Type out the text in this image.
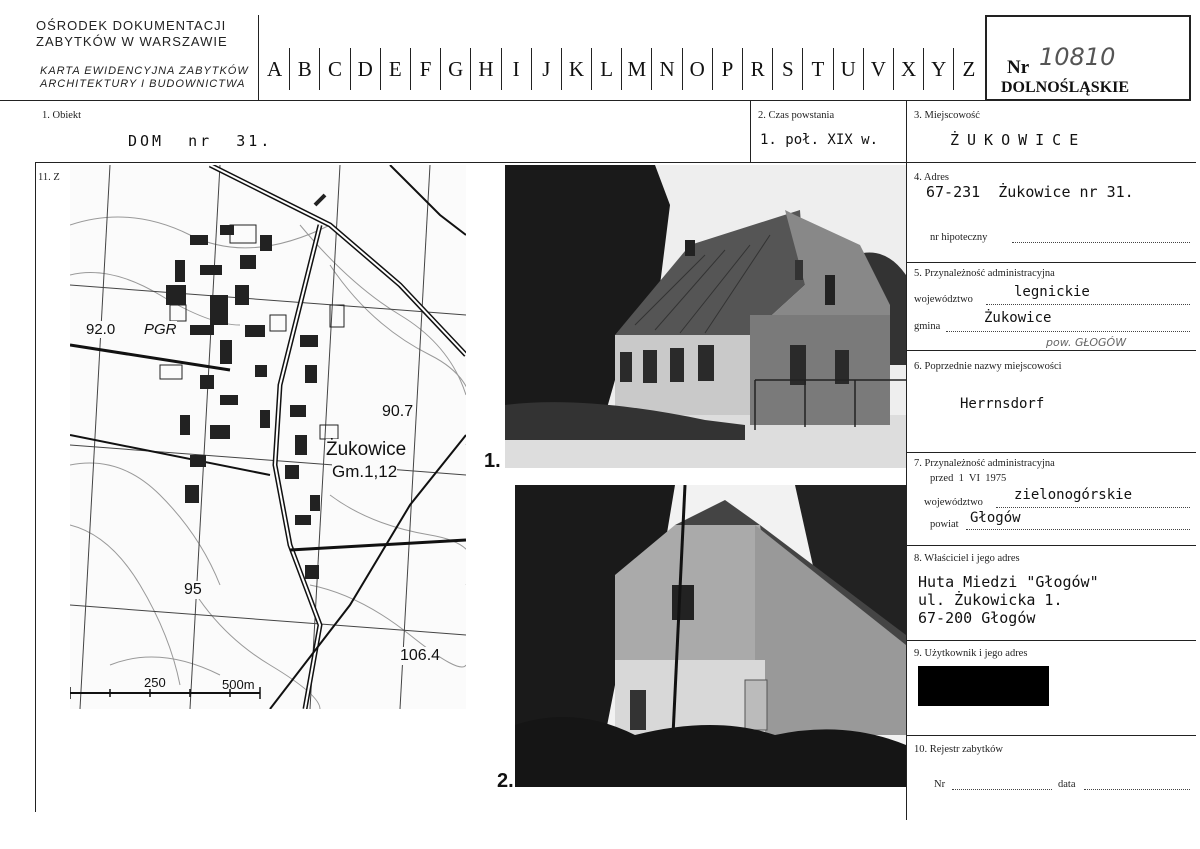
OŚRODEK DOKUMENTACJI
ZABYTKÓW W WARSZAWIE
KARTA EWIDENCYJNA ZABYTKÓW
ARCHITEKTURY I BUDOWNICTWA
A B C D E F G H I	J K L M N O P R S T U V X Y Z	Nr 10810
DOLNOŚLĄSKIE
1. Obiekt
DOM  nr  31.
2. Czas powstania
1. poł. XIX w.
3. Miejscowość
ŻUKOWICE
4. Adres
67-231  Żukowice nr 31.
nr hipoteczny
5. Przynależność administracyjna
województwo	legnickie
gmina
Żukowice
pow. GŁOGÓW
6. Poprzednie nazwy miejscowości
Herrnsdorf
7. Przynależność administracyjna
przed  1  VI  1975
województwo zielonogórskie
powiat Głogów
8. Właściciel i jego adres
Huta Miedzi "Głogów"
ul. Żukowicka 1.
67-200 Głogów
9. Użytkownik i jego adres
10. Rejestr zabytków
Nr	data
11. Z
92.0 PGR
90.7
Żukowice
Gm.1,12
95
106.4
250	500m
1.
2.
